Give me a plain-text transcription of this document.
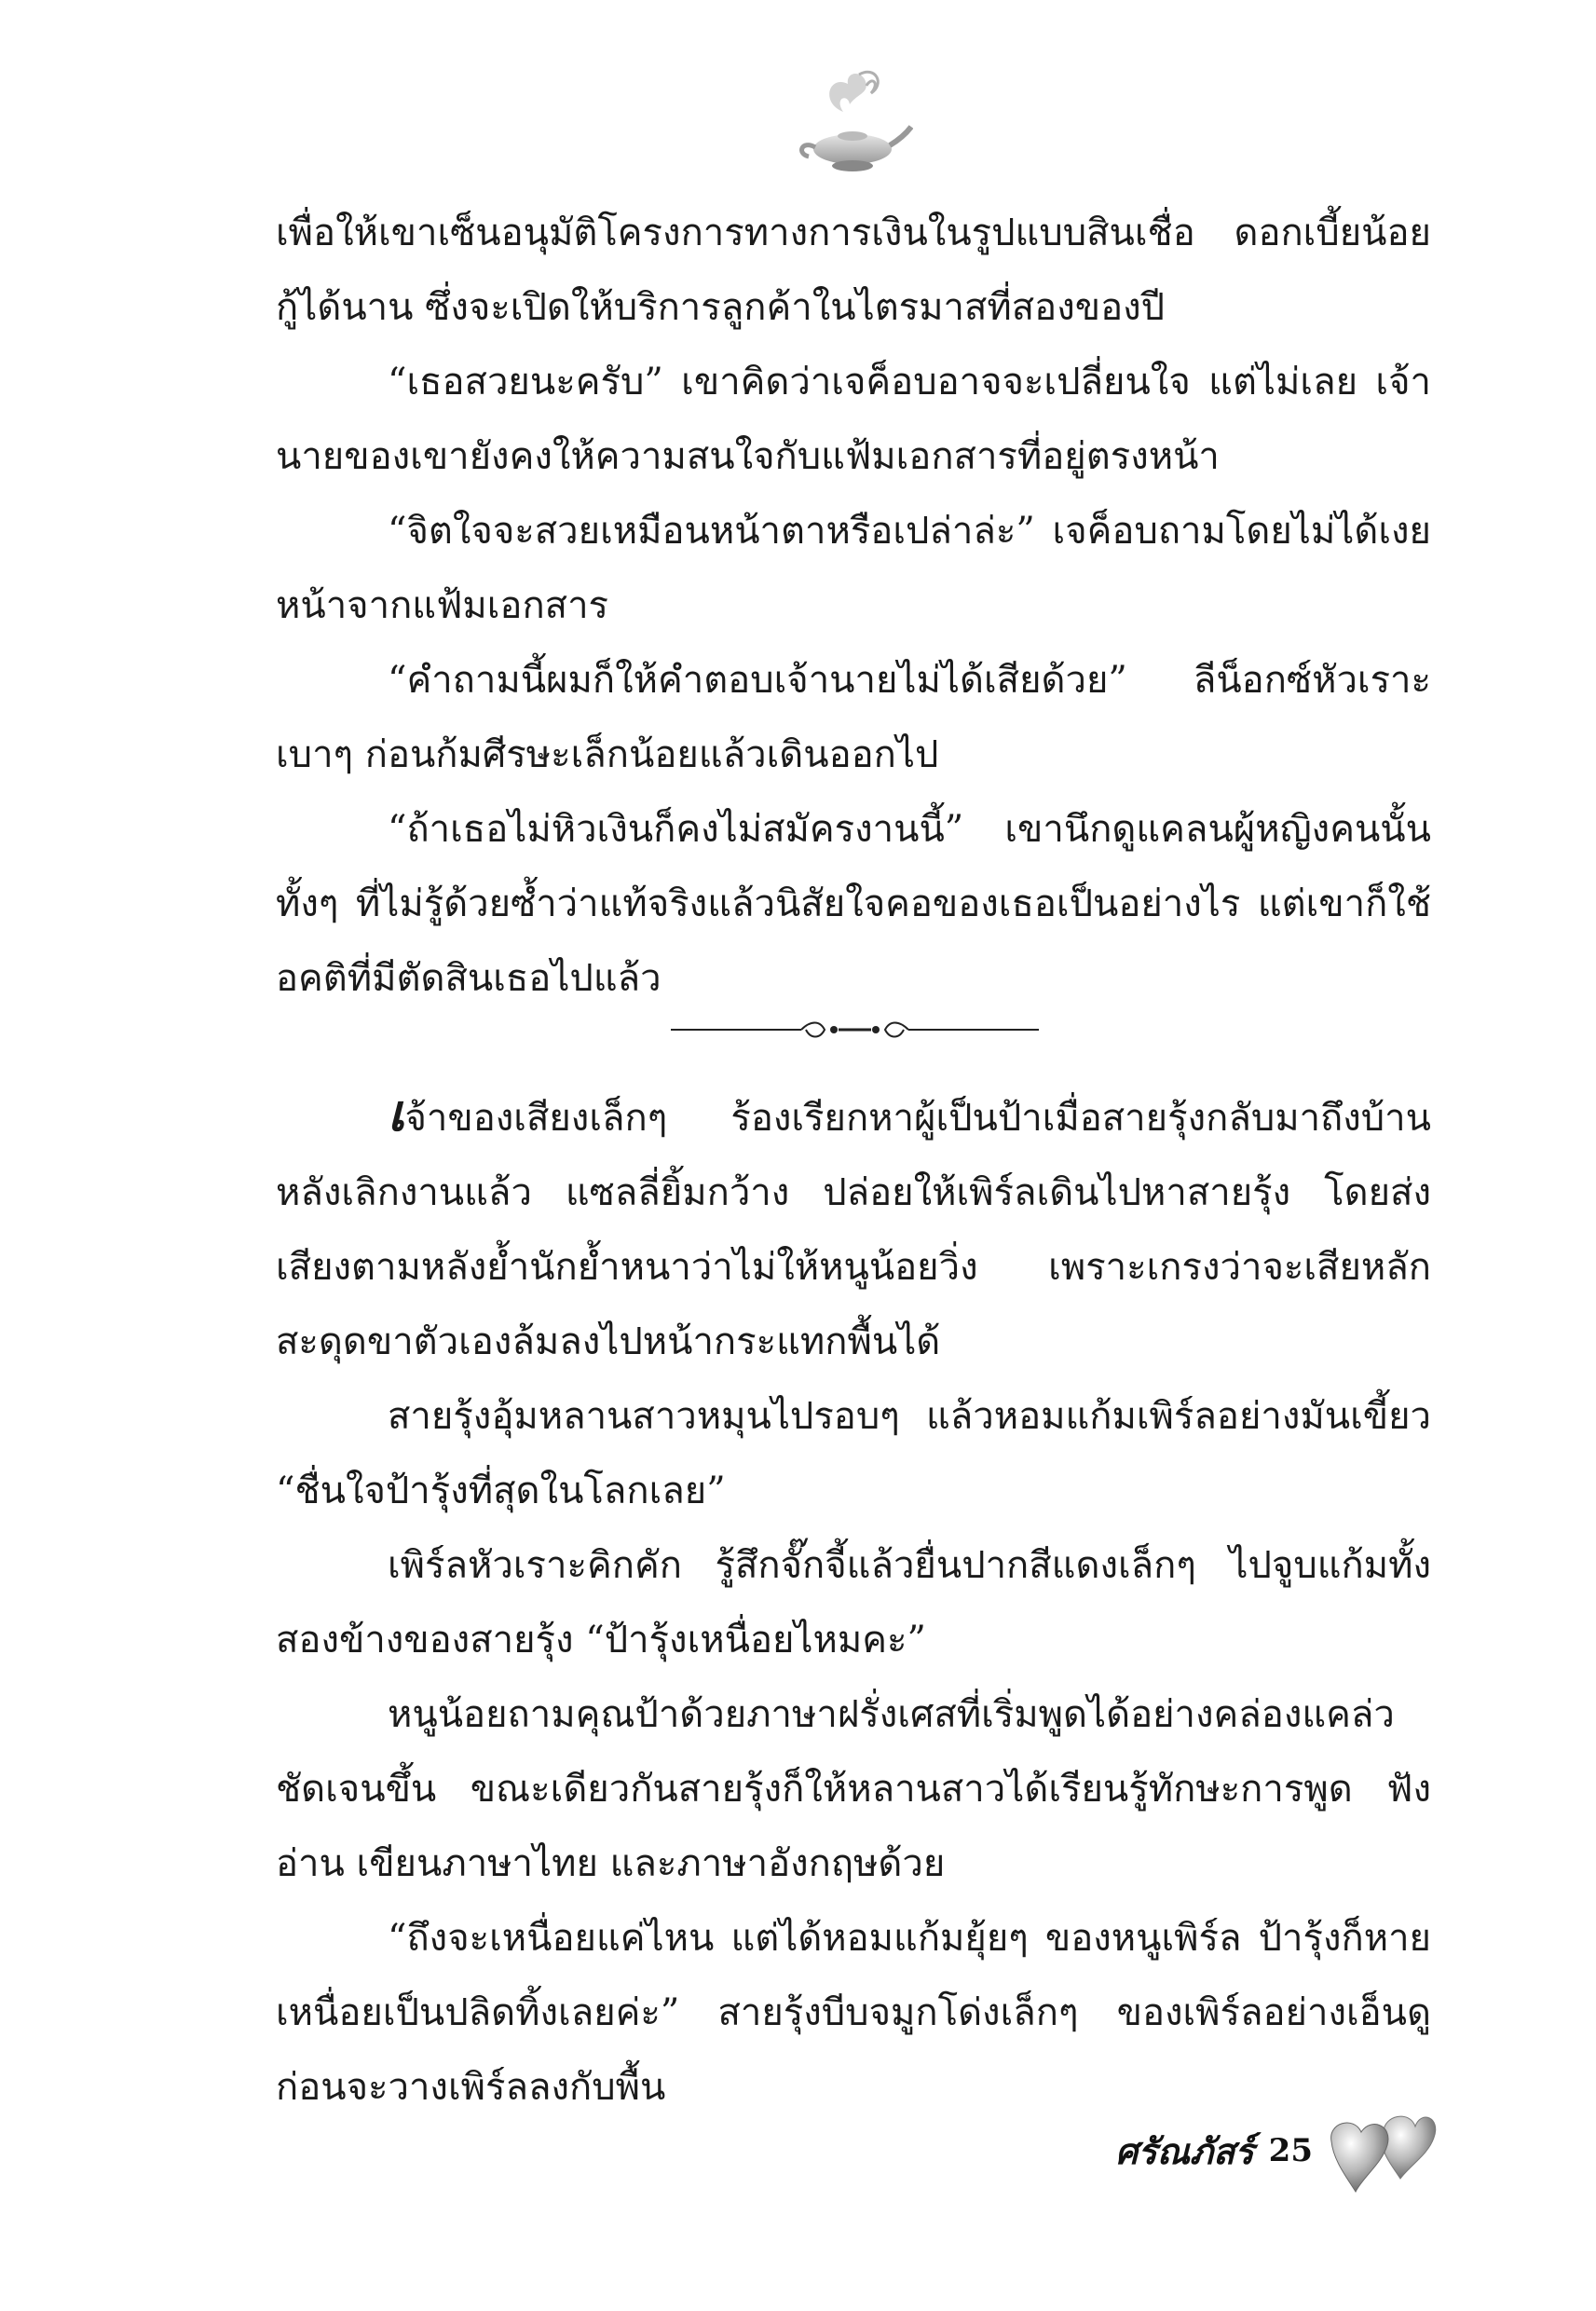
เพื่อให้เขาเซ็นอนุมัติโครงการทางการเงินในรูปแบบสินเชื่อ ดอกเบี้ยน้อย กู้ได้นาน ซึ่งจะเปิดให้บริการลูกค้าในไตรมาสที่สองของปี

“เธอสวยนะครับ” เขาคิดว่าเจค็อบอาจจะเปลี่ยนใจ แต่ไม่เลย เจ้านายของเขายังคงให้ความสนใจกับแฟ้มเอกสารที่อยู่ตรงหน้า

“จิตใจจะสวยเหมือนหน้าตาหรือเปล่าล่ะ” เจค็อบถามโดยไม่ได้เงยหน้าจากแฟ้มเอกสาร

“คำถามนี้ผมก็ให้คำตอบเจ้านายไม่ได้เสียด้วย” ลีน็อกซ์หัวเราะเบาๆ ก่อนก้มศีรษะเล็กน้อยแล้วเดินออกไป

“ถ้าเธอไม่หิวเงินก็คงไม่สมัครงานนี้” เขานึกดูแคลนผู้หญิงคนนั้นทั้งๆ ที่ไม่รู้ด้วยซ้ำว่าแท้จริงแล้วนิสัยใจคอของเธอเป็นอย่างไร แต่เขาก็ใช้อคติที่มีตัดสินเธอไปแล้ว

เจ้าของเสียงเล็กๆ ร้องเรียกหาผู้เป็นป้าเมื่อสายรุ้งกลับมาถึงบ้าน หลังเลิกงานแล้ว แซลลี่ยิ้มกว้าง ปล่อยให้เพิร์ลเดินไปหาสายรุ้ง โดยส่งเสียงตามหลังย้ำนักย้ำหนาว่าไม่ให้หนูน้อยวิ่ง เพราะเกรงว่าจะเสียหลักสะดุดขาตัวเองล้มลงไปหน้ากระแทกพื้นได้

สายรุ้งอุ้มหลานสาวหมุนไปรอบๆ แล้วหอมแก้มเพิร์ลอย่างมันเขี้ยว “ชื่นใจป้ารุ้งที่สุดในโลกเลย”

เพิร์ลหัวเราะคิกคัก รู้สึกจั๊กจี้แล้วยื่นปากสีแดงเล็กๆ ไปจูบแก้มทั้งสองข้างของสายรุ้ง “ป้ารุ้งเหนื่อยไหมคะ”

หนูน้อยถามคุณป้าด้วยภาษาฝรั่งเศสที่เริ่มพูดได้อย่างคล่องแคล่วชัดเจนขึ้น ขณะเดียวกันสายรุ้งก็ให้หลานสาวได้เรียนรู้ทักษะการพูด ฟัง อ่าน เขียนภาษาไทย และภาษาอังกฤษด้วย

“ถึงจะเหนื่อยแค่ไหน แต่ได้หอมแก้มยุ้ยๆ ของหนูเพิร์ล ป้ารุ้งก็หายเหนื่อยเป็นปลิดทิ้งเลยค่ะ” สายรุ้งบีบจมูกโด่งเล็กๆ ของเพิร์ลอย่างเอ็นดู ก่อนจะวางเพิร์ลลงกับพื้น

ศรัณภัสร์ 25
